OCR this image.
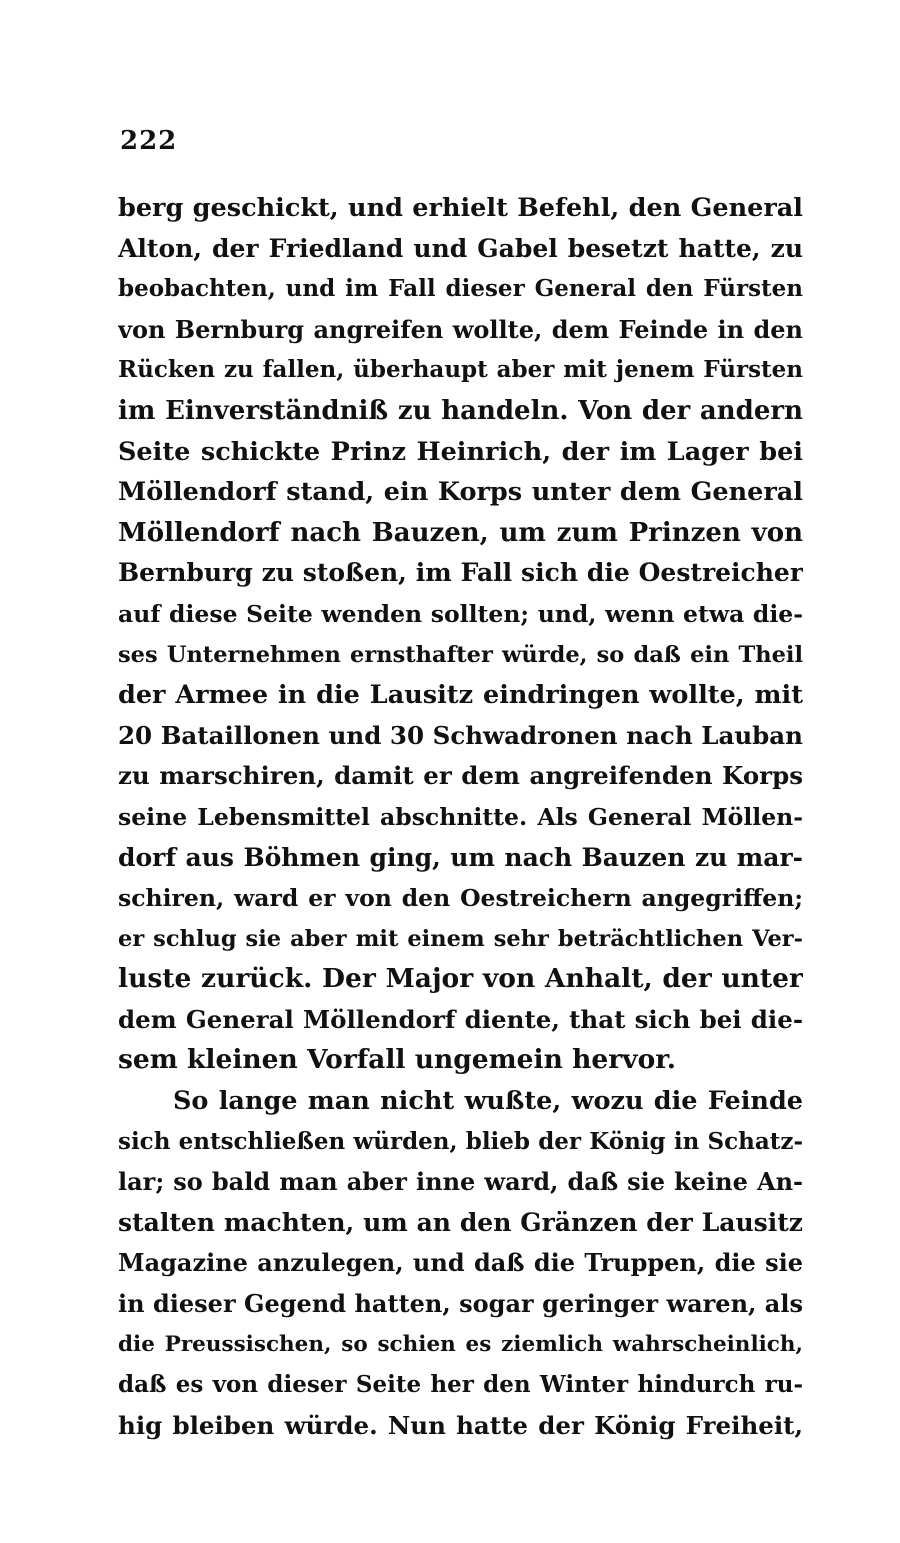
222
berg geschickt, und erhielt Befehl, den General
Alton, der Friedland und Gabel besetzt hatte, zu
beobachten, und im Fall dieser General den Fürsten
von Bernburg angreifen wollte, dem Feinde in den
Rücken zu fallen, überhaupt aber mit jenem Fürsten
im Einverständniß zu handeln. Von der andern
Seite schickte Prinz Heinrich, der im Lager bei
Möllendorf stand, ein Korps unter dem General
Möllendorf nach Bauzen, um zum Prinzen von
Bernburg zu stoßen, im Fall sich die Oestreicher
auf diese Seite wenden sollten; und, wenn etwa die-
ses Unternehmen ernsthafter würde, so daß ein Theil
der Armee in die Lausitz eindringen wollte, mit
20 Bataillonen und 30 Schwadronen nach Lauban
zu marschiren, damit er dem angreifenden Korps
seine Lebensmittel abschnitte. Als General Möllen-
dorf aus Böhmen ging, um nach Bauzen zu mar-
schiren, ward er von den Oestreichern angegriffen;
er schlug sie aber mit einem sehr beträchtlichen Ver-
luste zurück. Der Major von Anhalt, der unter
dem General Möllendorf diente, that sich bei die-
sem kleinen Vorfall ungemein hervor.
So lange man nicht wußte, wozu die Feinde
sich entschließen würden, blieb der König in Schatz-
lar; so bald man aber inne ward, daß sie keine An-
stalten machten, um an den Gränzen der Lausitz
Magazine anzulegen, und daß die Truppen, die sie
in dieser Gegend hatten, sogar geringer waren, als
die Preussischen, so schien es ziemlich wahrscheinlich,
daß es von dieser Seite her den Winter hindurch ru-
hig bleiben würde. Nun hatte der König Freiheit,
